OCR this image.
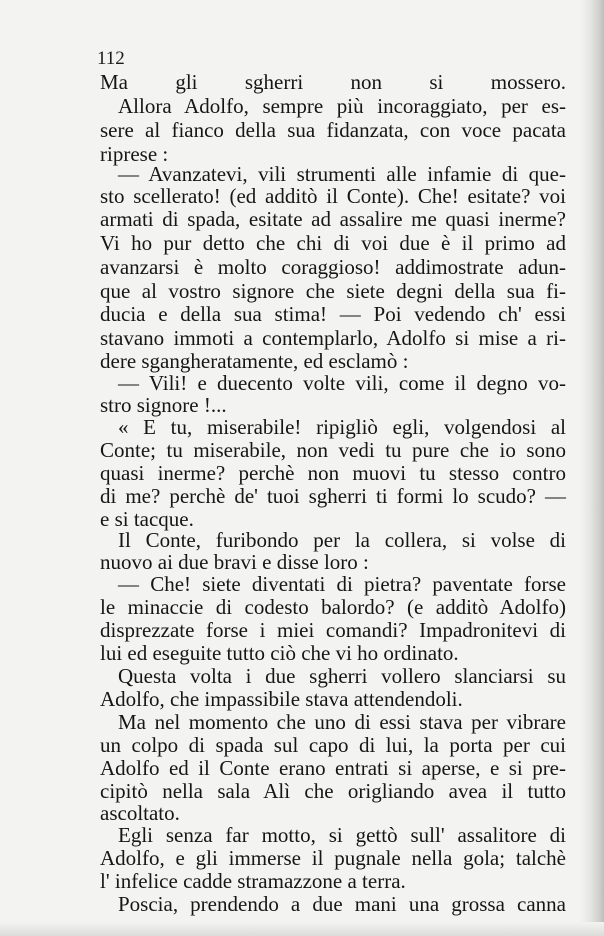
112
Ma gli sgherri non si mossero.
Allora Adolfo, sempre più incoraggiato, per es-
sere al fianco della sua fidanzata, con voce pacata
riprese :
— Avanzatevi, vili strumenti alle infamie di que-
sto scellerato! (ed additò il Conte). Che! esitate? voi
armati di spada, esitate ad assalire me quasi inerme?
Vi ho pur detto che chi di voi due è il primo ad
avanzarsi è molto coraggioso! addimostrate adun-
que al vostro signore che siete degni della sua fi-
ducia e della sua stima! — Poi vedendo ch' essi
stavano immoti a contemplarlo, Adolfo si mise a ri-
dere sgangheratamente, ed esclamò :
— Vili! e duecento volte vili, come il degno vo-
stro signore !...
« E tu, miserabile! ripigliò egli, volgendosi al
Conte; tu miserabile, non vedi tu pure che io sono
quasi inerme? perchè non muovi tu stesso contro
di me? perchè de' tuoi sgherri ti formi lo scudo? —
e si tacque.
Il Conte, furibondo per la collera, si volse di
nuovo ai due bravi e disse loro :
— Che! siete diventati di pietra? paventate forse
le minaccie di codesto balordo? (e additò Adolfo)
disprezzate forse i miei comandi? Impadronitevi di
lui ed eseguite tutto ciò che vi ho ordinato.
Questa volta i due sgherri vollero slanciarsi su
Adolfo, che impassibile stava attendendoli.
Ma nel momento che uno di essi stava per vibrare
un colpo di spada sul capo di lui, la porta per cui
Adolfo ed il Conte erano entrati si aperse, e si pre-
cipitò nella sala Alì che origliando avea il tutto
ascoltato.
Egli senza far motto, si gettò sull' assalitore di
Adolfo, e gli immerse il pugnale nella gola; talchè
l' infelice cadde stramazzone a terra.
Poscia, prendendo a due mani una grossa canna
